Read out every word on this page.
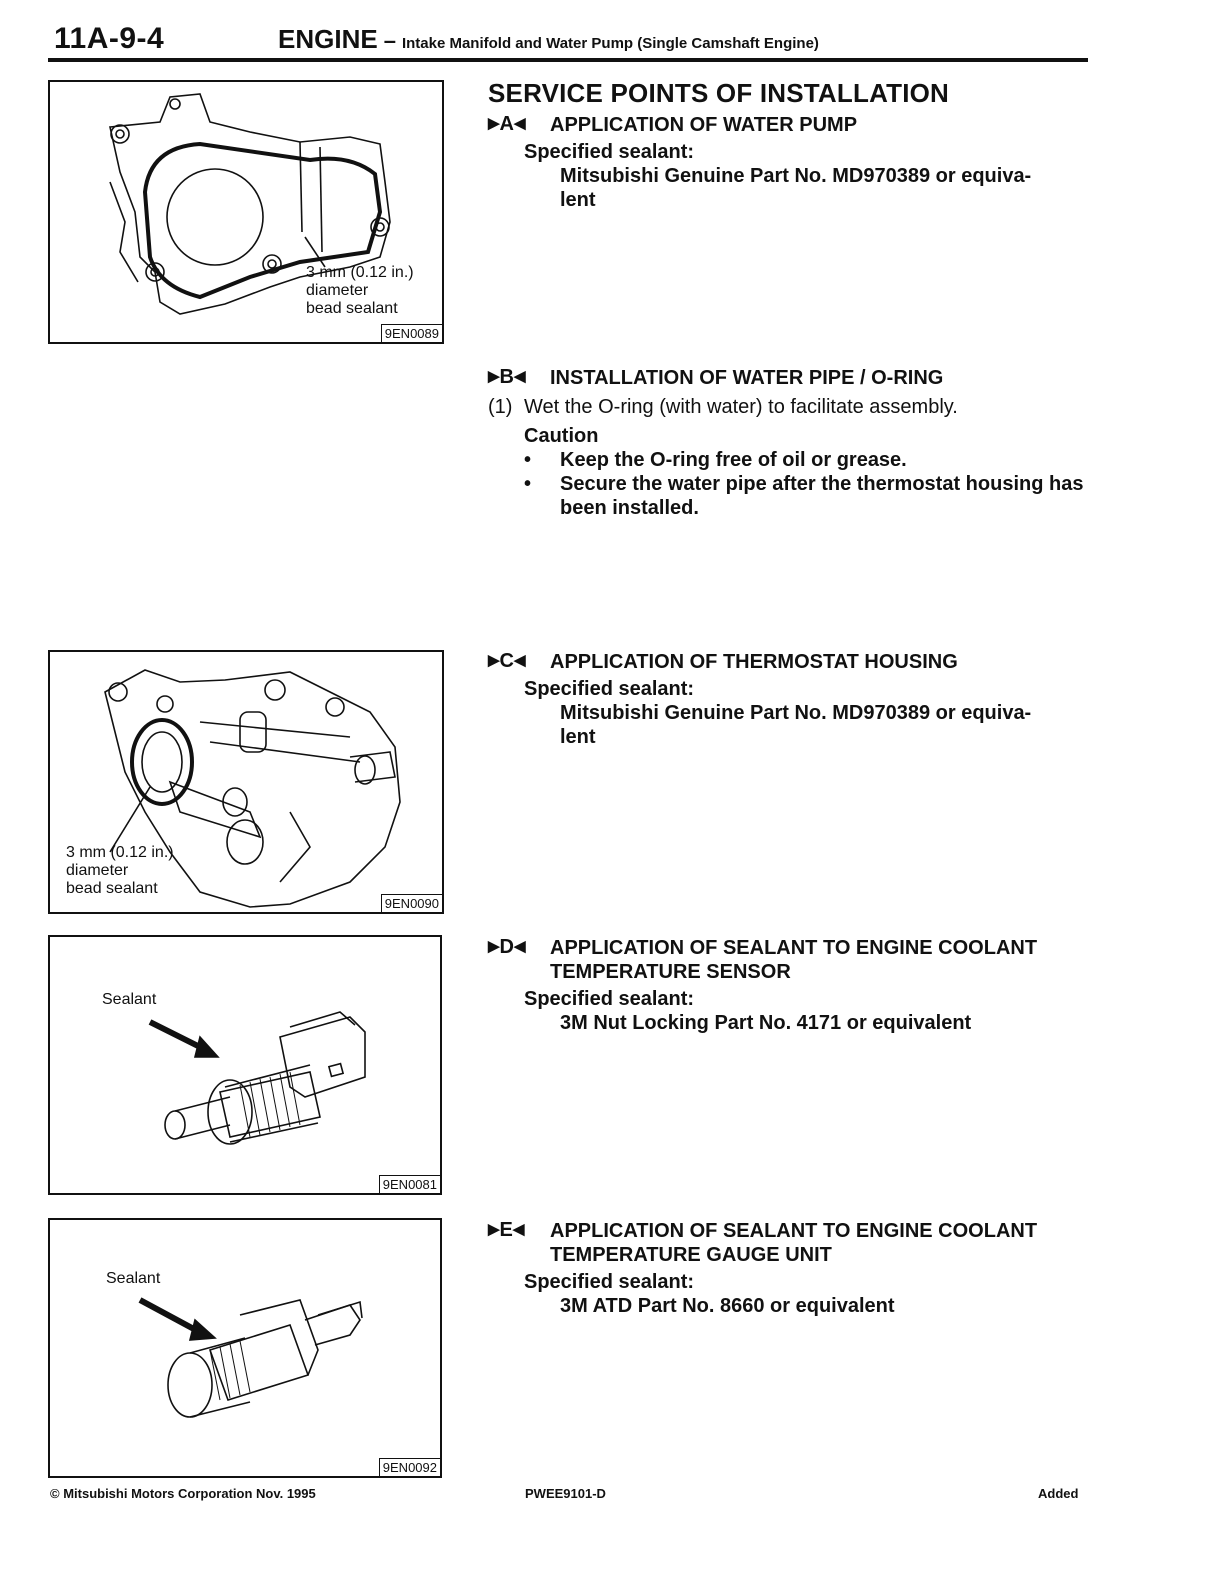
11A-9-4	ENGINE – Intake Manifold and Water Pump (Single Camshaft Engine)
3 mm (0.12 in.)
diameter
bead sealant
9EN0089
3 mm (0.12 in.)
diameter
bead sealant
9EN0090
Sealant
9EN0081
Sealant
9EN0092
SERVICE POINTS OF INSTALLATION
▶A◀	APPLICATION OF WATER PUMP
Specified sealant:
Mitsubishi Genuine Part No. MD970389 or equiva-
lent
▶B◀	INSTALLATION OF WATER PIPE / O-RING
(1) Wet the O-ring (with water) to facilitate assembly.
Caution
•	Keep the O-ring free of oil or grease.
•	Secure the water pipe after the thermostat housing has been installed.
▶C◀	APPLICATION OF THERMOSTAT HOUSING
Specified sealant:
Mitsubishi Genuine Part No. MD970389 or equiva-
lent
▶D◀	APPLICATION OF SEALANT TO ENGINE COOLANT TEMPERATURE SENSOR
Specified sealant:
3M Nut Locking Part No. 4171 or equivalent
▶E◀	APPLICATION OF SEALANT TO ENGINE COOLANT TEMPERATURE GAUGE UNIT
Specified sealant:
3M ATD Part No. 8660 or equivalent
© Mitsubishi Motors Corporation Nov. 1995	PWEE9101-D	Added
